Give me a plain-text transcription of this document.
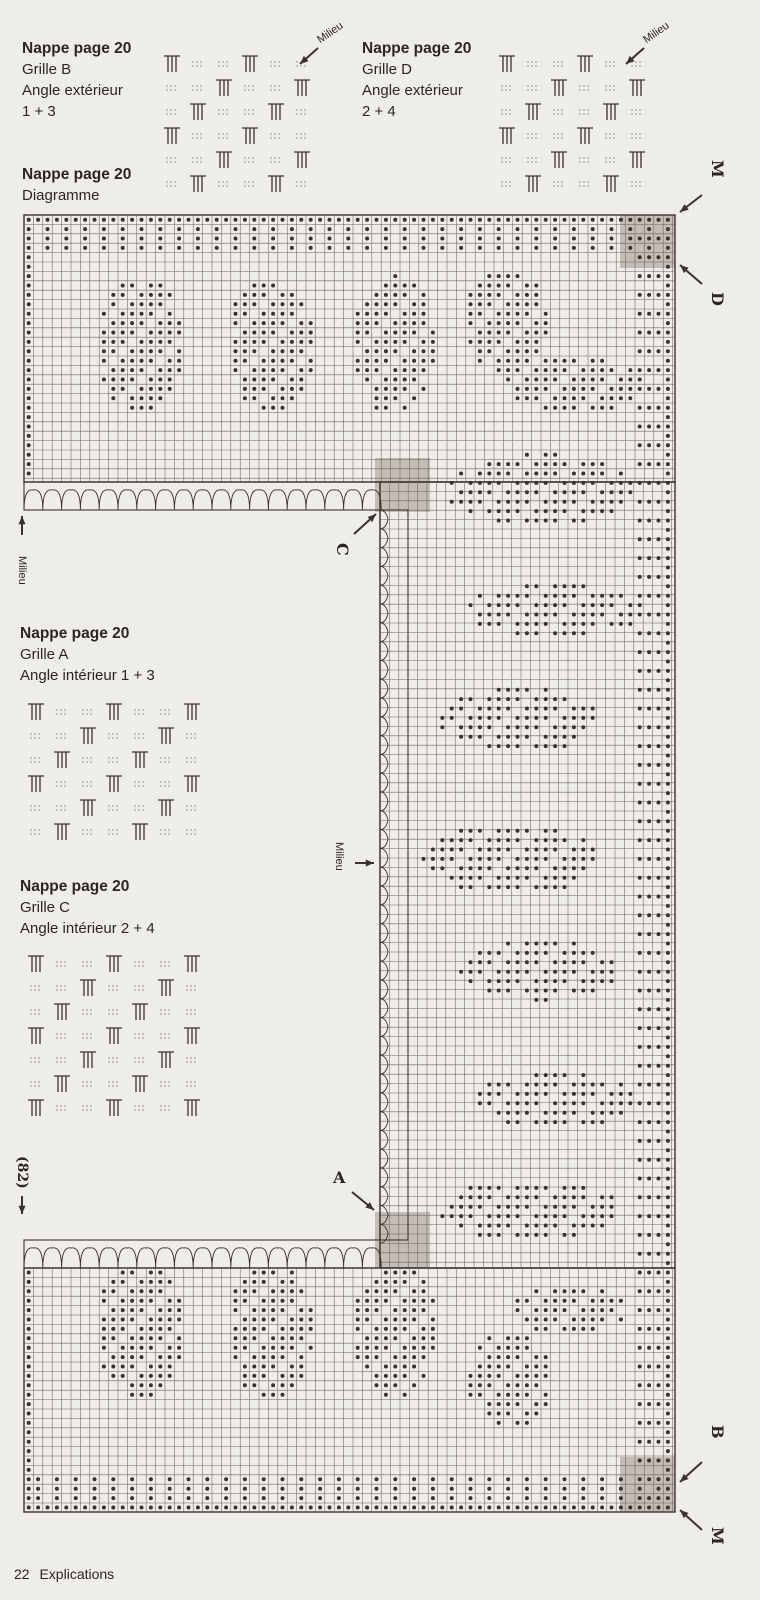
Nappe page 20
Grille B
Angle extérieur
1 + 3
Nappe page 20
Grille D
Angle extérieur
2 + 4
Nappe page 20
Diagramme
Nappe page 20
Grille A
Angle intérieur 1 + 3
Nappe page 20
Grille C
Angle intérieur 2 + 4
Milieu	Milieu
Milieu
Milieu
M
D
C
A
B
M
(82)
22 Explications
